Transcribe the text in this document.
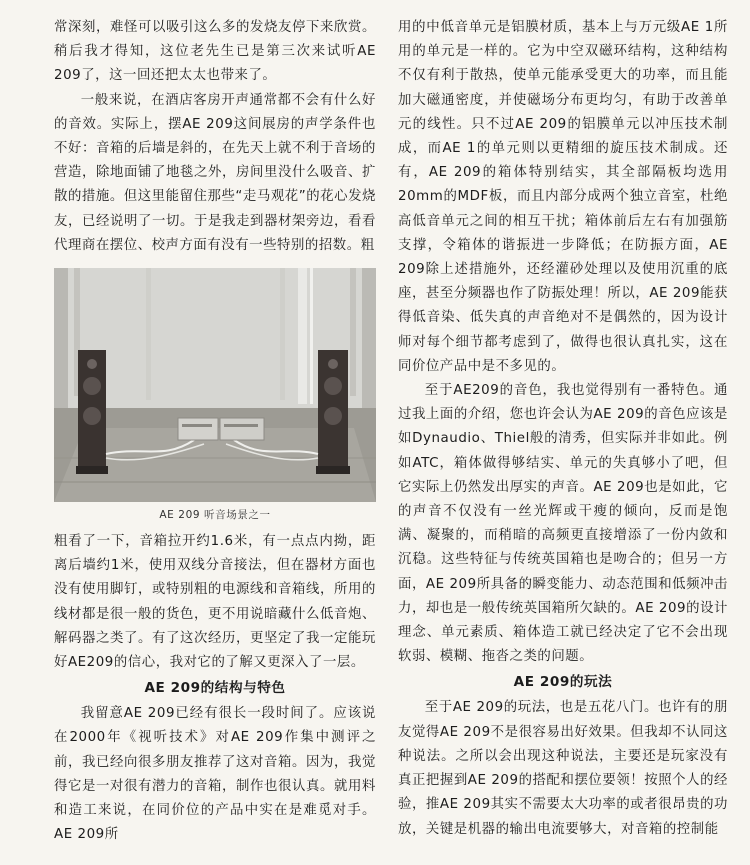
常深刻，难怪可以吸引这么多的发烧友停下来欣赏。稍后我才得知，这位老先生已是第三次来试听AE 209了，这一回还把太太也带来了。

一般来说，在酒店客房开声通常都不会有什么好的音效。实际上，摆AE 209这间展房的声学条件也不好：音箱的后墙是斜的，在先天上就不利于音场的营造，除地面铺了地毯之外，房间里没什么吸音、扩散的措施。但这里能留住那些“走马观花”的花心发烧友，已经说明了一切。于是我走到器材架旁边，看看代理商在摆位、校声方面有没有一些特别的招数。粗

AE 209 听音场景之一

粗看了一下，音箱拉开约1.6米，有一点点内拗，距离后墙约1米，使用双线分音接法，但在器材方面也没有使用脚钉，或特别粗的电源线和音箱线，所用的线材都是很一般的货色，更不用说暗藏什么低音炮、解码器之类了。有了这次经历，更坚定了我一定能玩好AE209的信心，我对它的了解又更深入了一层。

AE 209的结构与特色

我留意AE 209已经有很长一段时间了。应该说在2000年《视听技术》对AE 209作集中测评之前，我已经向很多朋友推荐了这对音箱。因为，我觉得它是一对很有潜力的音箱，制作也很认真。就用料和造工来说，在同价位的产品中实在是难觅对手。AE 209所

用的中低音单元是铝膜材质，基本上与万元级AE 1所用的单元是一样的。它为中空双磁环结构，这种结构不仅有利于散热，使单元能承受更大的功率，而且能加大磁通密度，并使磁场分布更均匀，有助于改善单元的线性。只不过AE 209的铝膜单元以冲压技术制成，而AE 1的单元则以更精细的旋压技术制成。还有，AE 209的箱体特别结实，其全部隔板均选用20mm的MDF板，而且内部分成两个独立音室，杜绝高低音单元之间的相互干扰；箱体前后左右有加强筋支撑，令箱体的谐振进一步降低；在防振方面，AE 209除上述措施外，还经灌砂处理以及使用沉重的底座，甚至分频器也作了防振处理！所以，AE 209能获得低音染、低失真的声音绝对不是偶然的，因为设计师对每个细节都考虑到了，做得也很认真扎实，这在同价位产品中是不多见的。

至于AE209的音色，我也觉得别有一番特色。通过我上面的介绍，您也许会认为AE 209的音色应该是如Dynaudio、Thiel般的清秀，但实际并非如此。例如ATC，箱体做得够结实、单元的失真够小了吧，但它实际上仍然发出厚实的声音。AE 209也是如此，它的声音不仅没有一丝光辉或干瘦的倾向，反而是饱满、凝聚的，而稍暗的高频更直接增添了一份内敛和沉稳。这些特征与传统英国箱也是吻合的；但另一方面，AE 209所具备的瞬变能力、动态范围和低频冲击力，却也是一般传统英国箱所欠缺的。AE 209的设计理念、单元素质、箱体造工就已经决定了它不会出现软弱、模糊、拖沓之类的问题。

AE 209的玩法

至于AE 209的玩法，也是五花八门。也许有的朋友觉得AE 209不是很容易出好效果。但我却不认同这种说法。之所以会出现这种说法，主要还是玩家没有真正把握到AE 209的搭配和摆位要领！按照个人的经验，推AE 209其实不需要太大功率的或者很昂贵的功放，关键是机器的输出电流要够大，对音箱的控制能
